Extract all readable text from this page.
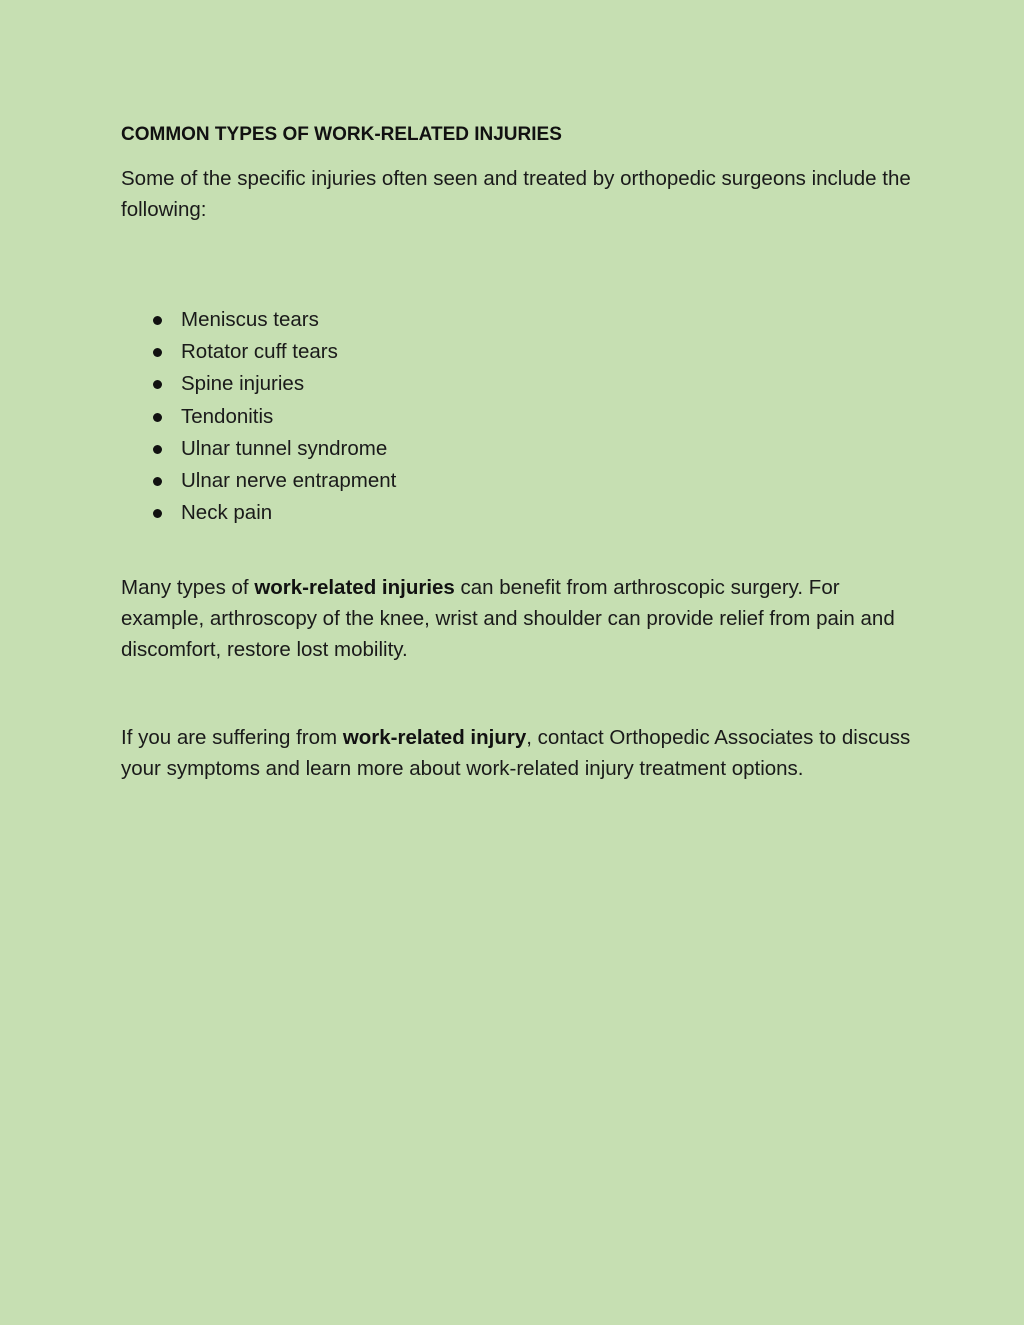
COMMON TYPES OF WORK-RELATED INJURIES

Some of the specific injuries often seen and treated by orthopedic surgeons include the following:

Meniscus tears
Rotator cuff tears
Spine injuries
Tendonitis
Ulnar tunnel syndrome
Ulnar nerve entrapment
Neck pain

Many types of work-related injuries can benefit from arthroscopic surgery. For example, arthroscopy of the knee, wrist and shoulder can provide relief from pain and discomfort, restore lost mobility.

If you are suffering from work-related injury, contact Orthopedic Associates to discuss your symptoms and learn more about work-related injury treatment options.
